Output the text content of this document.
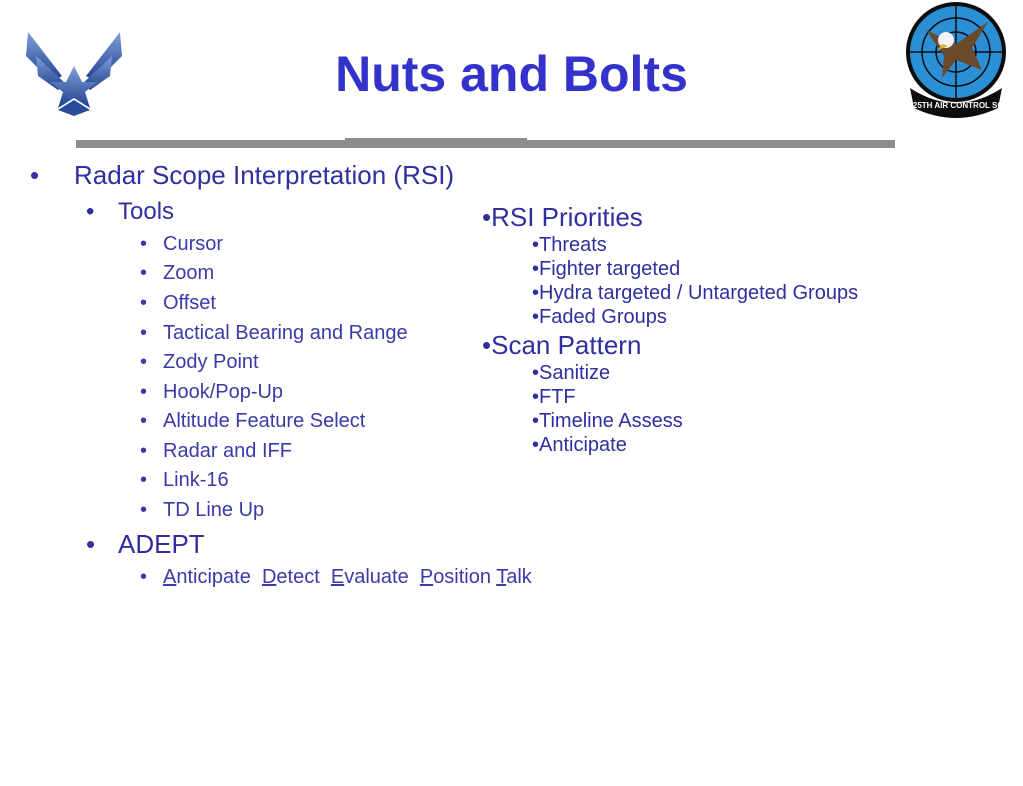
Nuts and Bolts
325TH AIR CONTROL SQ
• Radar Scope Interpretation (RSI)
• Tools
• Cursor
• Zoom
• Offset
• Tactical Bearing and Range
• Zody Point
• Hook/Pop-Up
• Altitude Feature Select
• Radar and IFF
• Link-16
• TD Line Up
• ADEPT
• Anticipate  Detect  Evaluate  Position Talk
•RSI Priorities
•Threats
•Fighter targeted
•Hydra targeted / Untargeted Groups
•Faded Groups
•Scan Pattern
•Sanitize
•FTF
•Timeline Assess
•Anticipate
